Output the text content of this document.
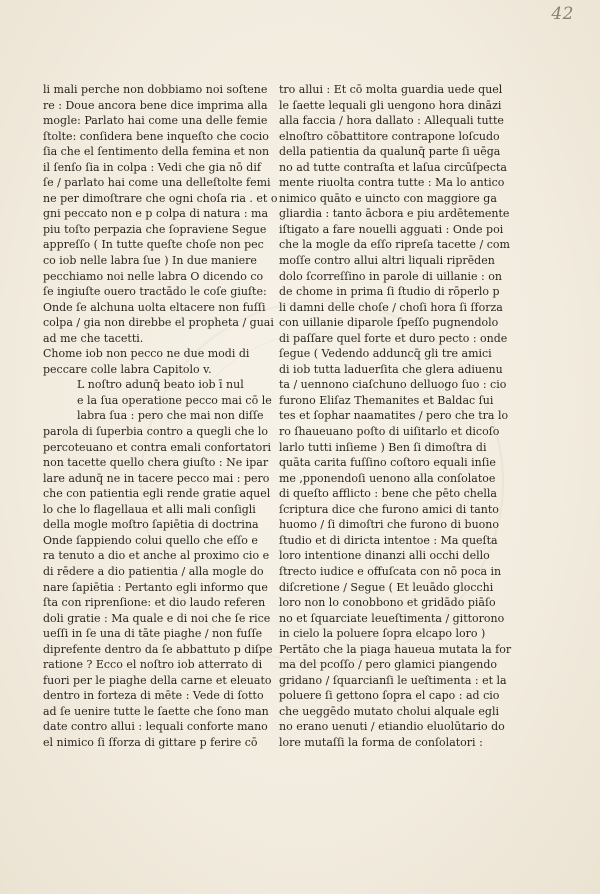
42
li mali perche non dobbiamo noi soſtene
re : Doue ancora bene dice imprima alla
mogle: Parlato hai come una delle femie
ſtolte: conſidera bene inqueſto che cocio
ſia che el ſentimento della femina et non
il ſenſo ſia in colpa : Vedi che gia nō dif
ſe / parlato hai come una delleſtolte femi
ne per dimoſtrare che ogni choſa ria . et o
gni peccato non e p colpa di natura : ma
piu toſto perpazia che ſopraviene Segue
appreſſo ( In tutte queſte choſe non pec
co iob nelle labra ſue ) In due maniere
pecchiamo noi nelle labra O dicendo co
ſe ingiuſte ouero tractādo le coſe giuſte:
Onde ſe alchuna uolta eltacere non fuſſi
colpa / gia non direbbe el propheta / guai
ad me che tacetti.
Chome iob non pecco ne due modi di
peccare colle labra Capitolo v.
L noſtro adunq̄ beato iob ī nul
e la ſua operatione pecco mai cō le
labra ſua : pero che mai non diſſe
parola di ſuperbia contro a quegli che lo
percoteuano et contra emali confortatori
non tacette quello chera giuſto : Ne ipar
lare adunq̄ ne in tacere pecco mai : pero
che con patientia egli rende gratie aquel
lo che lo flagellaua et alli mali conſigli
della mogle moſtro ſapiētia di doctrina
Onde ſappiendo colui quello che eſſo e
ra tenuto a dio et anche al proximo cio e
di rēdere a dio patientia / alla mogle do
nare ſapiētia : Pertanto egli informo que
ſta con riprenſione: et dio laudo referen
doli gratie : Ma quale e di noi che ſe rice
ueſſi in ſe una di tāte piaghe / non fuſſe
diprefente dentro da ſe abbattuto p diſpe
ratione ? Ecco el noſtro iob atterrato di
fuori per le piaghe della carne et eleuato
dentro in forteza di mēte : Vede di ſotto
ad ſe uenire tutte le ſaette che ſono man
date contro allui : lequali conforte mano
el nimico ſi ſforza di gittare p ferire cō
tro allui : Et cō molta guardia uede quel
le ſaette lequali gli uengono hora dināzi
alla faccia / hora dallato : Allequali tutte
elnoſtro cōbattitore contrapone loſcudo
della patientia da qualunq̄ parte ſi uēga
no ad tutte contraſta et laſua circūſpecta
mente riuolta contra tutte : Ma lo antico
nimico quāto e uincto con maggiore ga
gliardia : tanto ācbora e piu ardētemente
iſtigato a fare nouelli agguati : Onde poi
che la mogle da eſſo ripreſa tacette / com
moſſe contro allui altri liquali riprēden
dolo ſcorreſſino in parole di uillanie : on
de chome in prima ſi ſtudio di rōperlo p
li damni delle choſe / choſi hora ſi ſforza
con uillanie diparole ſpeſſo pugnendolo
di paſſare quel forte et duro pecto : onde
ſegue ( Vedendo adduncq̄ gli tre amici
di iob tutta laduerſita che glera adiuenu
ta / uennono ciaſchuno delluogo ſuo : cio
furono Eliſaz Themanites et Baldac ſui
tes et ſophar naamatites / pero che tra lo
ro ſhaueuano poſto di uiſitarlo et dicoſo
larlo tutti inſieme ) Ben ſi dimoſtra di
quāta carita fuſſino coſtoro equali inſie
me ,pponendoſi uenono alla conſolatoe
di queſto afflicto : bene che pēto chella
ſcriptura dice che furono amici di tanto
huomo / ſi dimoſtri che furono di buono
ſtudio et di diricta intentoe : Ma queſta
loro intentione dinanzi alli occhi dello
ſtrecto iudice e offuſcata con nō poca in
diſcretione / Segue ( Et leuādo glocchi
loro non lo conobbono et gridādo piāſo
no et ſquarciate leueſtimenta / gittorono
in cielo la poluere ſopra elcapo loro )
Pertāto che la piaga haueua mutata la for
ma del pcoſſo / pero glamici piangendo
gridano / ſquarcianſi le ueſtimenta : et la
poluere ſi gettono ſopra el capo : ad cio
che ueggēdo mutato cholui alquale egli
no erano uenuti / etiandio eluolūtario do
lore mutaſſi la forma de conſolatori :
